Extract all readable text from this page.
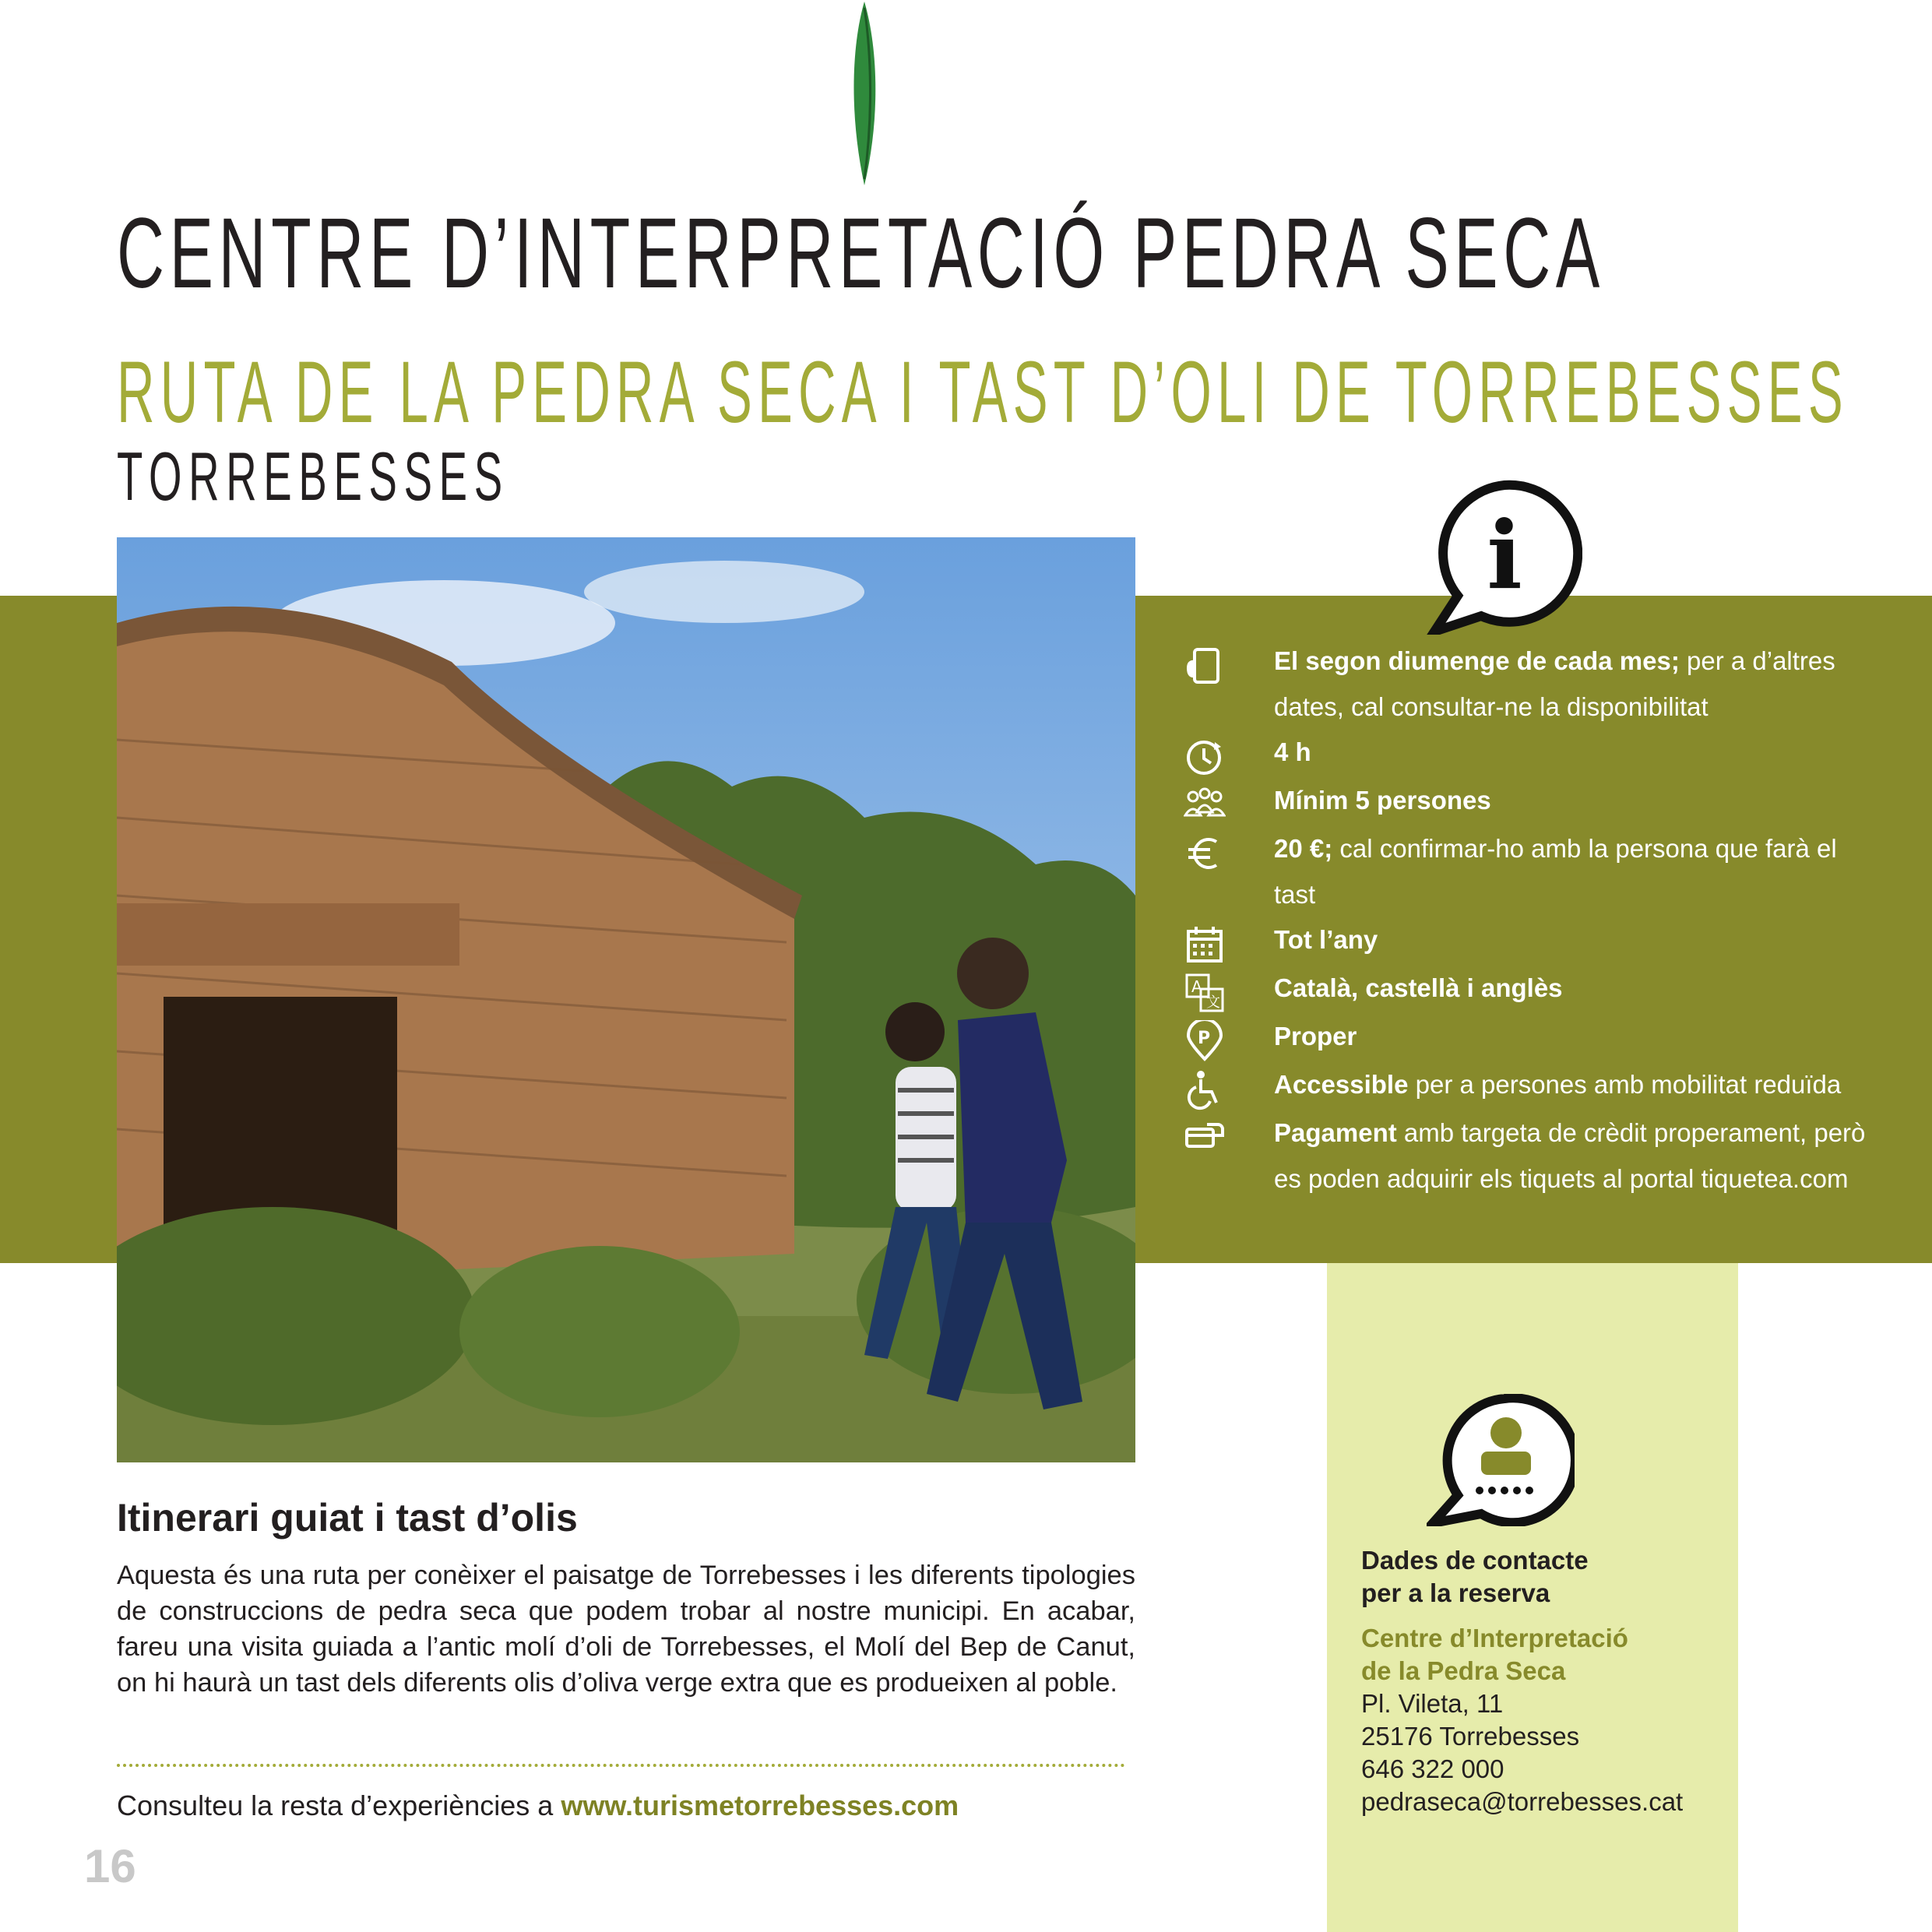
CENTRE D’INTERPRETACIÓ PEDRA SECA
RUTA DE LA PEDRA SECA I TAST D’OLI DE TORREBESSES
TORREBESSES
i
El segon diumenge de cada mes; per a d’altres dates, cal consultar-ne la disponibilitat
4 h
Mínim 5 persones
20 €; cal confirmar-ho amb la persona que farà el tast
Tot l’any
A
文
Català, castellà i anglès
P Proper
Accessible per a persones amb mobilitat reduïda
Pagament amb targeta de crèdit properament, però es poden adquirir els tiquets al portal tiquetea.com
Itinerari guiat i tast d’olis
Aquesta és una ruta per conèixer el paisatge de Torrebesses i les diferents tipologies de construccions de pedra seca que podem trobar al nostre municipi. En acabar, fareu una visita guiada a l’antic molí d’oli de Torrebesses, el Molí del Bep de Canut, on hi haurà un tast dels diferents olis d’oliva verge extra que es produeixen al poble.
Consulteu la resta d’experiències a www.turismetorrebesses.com
16
Dades de contacte
per a la reserva
Centre d’Interpretació
de la Pedra Seca
Pl. Vileta, 11
25176 Torrebesses
646 322 000
pedraseca@torrebesses.cat
